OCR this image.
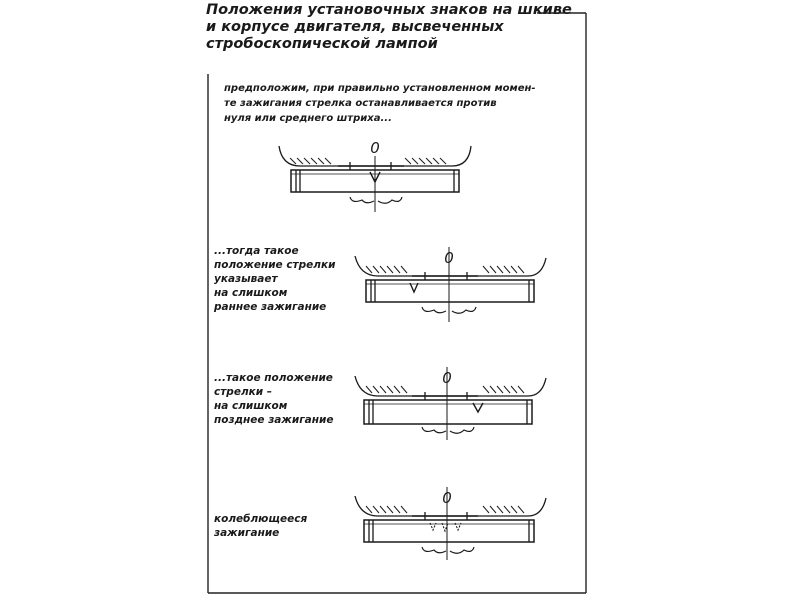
Положения установочных знаков на шкиве
и корпусе двигателя, высвеченных
стробоскопической лампой
предположим, при правильно установленном момен-
те зажигания стрелка останавливается против
нуля или среднего штриха...
...тогда такое
положение стрелки
указывает
на слишком
раннее зажигание
...такое положение
стрелки –
на слишком
позднее зажигание
колеблющееся
зажигание
0
0
0
0
